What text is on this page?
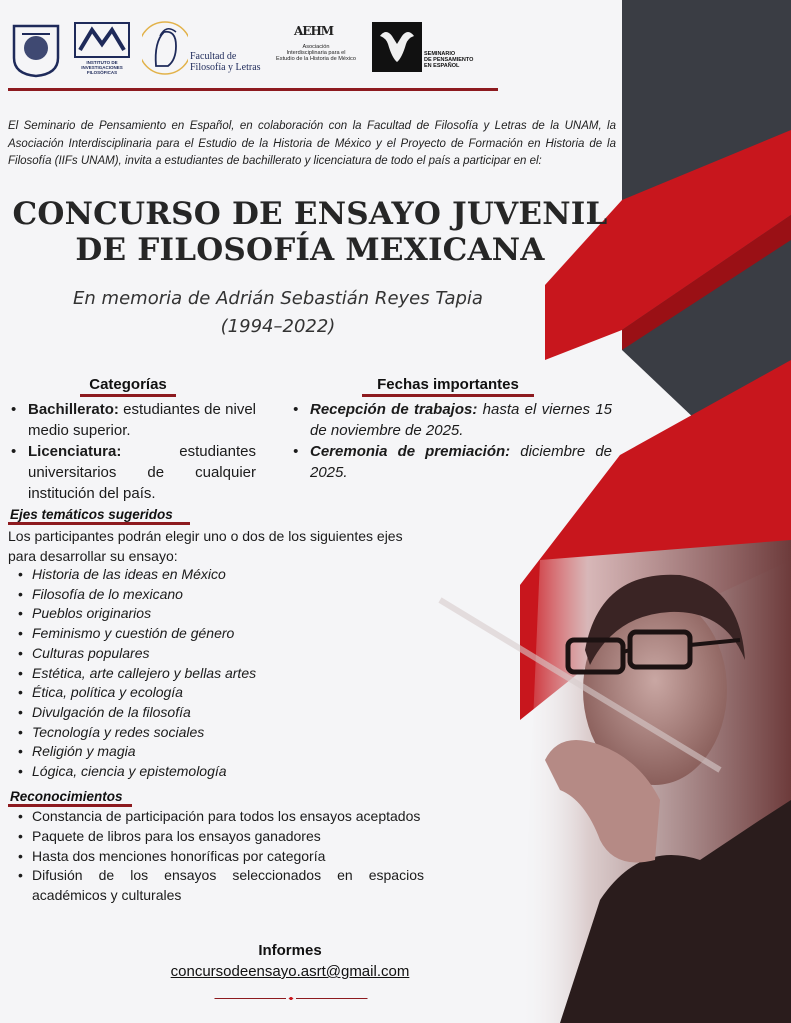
INSTITUTO DE INVESTIGACIONES FILOSÓFICAS
Facultad de
Filosofía y Letras
AEHM
Asociación
Interdisciplinaria para el
Estudio de la Historia de México
SEMINARIO
DE PENSAMIENTO
EN ESPAÑOL
El Seminario de Pensamiento en Español, en colaboración con la Facultad de Filosofía y Letras de la UNAM, la Asociación Interdisciplinaria para el Estudio de la Historia de México y el Proyecto de Formación en Historia de la Filosofía (IIFs UNAM), invita a estudiantes de bachillerato y licenciatura de todo el país a participar en el:
CONCURSO DE ENSAYO JUVENIL
DE FILOSOFÍA MEXICANA
En memoria de Adrián Sebastián Reyes Tapia
(1994–2022)
Categorías
• Bachillerato: estudiantes de nivel medio superior.
• Licenciatura: estudiantes universitarios de cualquier institución del país.
Fechas importantes
• Recepción de trabajos: hasta el viernes 15 de noviembre de 2025.
• Ceremonia de premiación: diciembre de 2025.
Ejes temáticos sugeridos
Los participantes podrán elegir uno o dos de los siguientes ejes para desarrollar su ensayo:
• Historia de las ideas en México
• Filosofía de lo mexicano
• Pueblos originarios
• Feminismo y cuestión de género
• Culturas populares
• Estética, arte callejero y bellas artes
• Ética, política y ecología
• Divulgación de la filosofía
• Tecnología y redes sociales
• Religión y magia
• Lógica, ciencia y epistemología
Reconocimientos
• Constancia de participación para todos los ensayos aceptados
• Paquete de libros para los ensayos ganadores
• Hasta dos menciones honoríficas por categoría
• Difusión de los ensayos seleccionados en espacios académicos y culturales
Informes
concursodeensayo.asrt@gmail.com
